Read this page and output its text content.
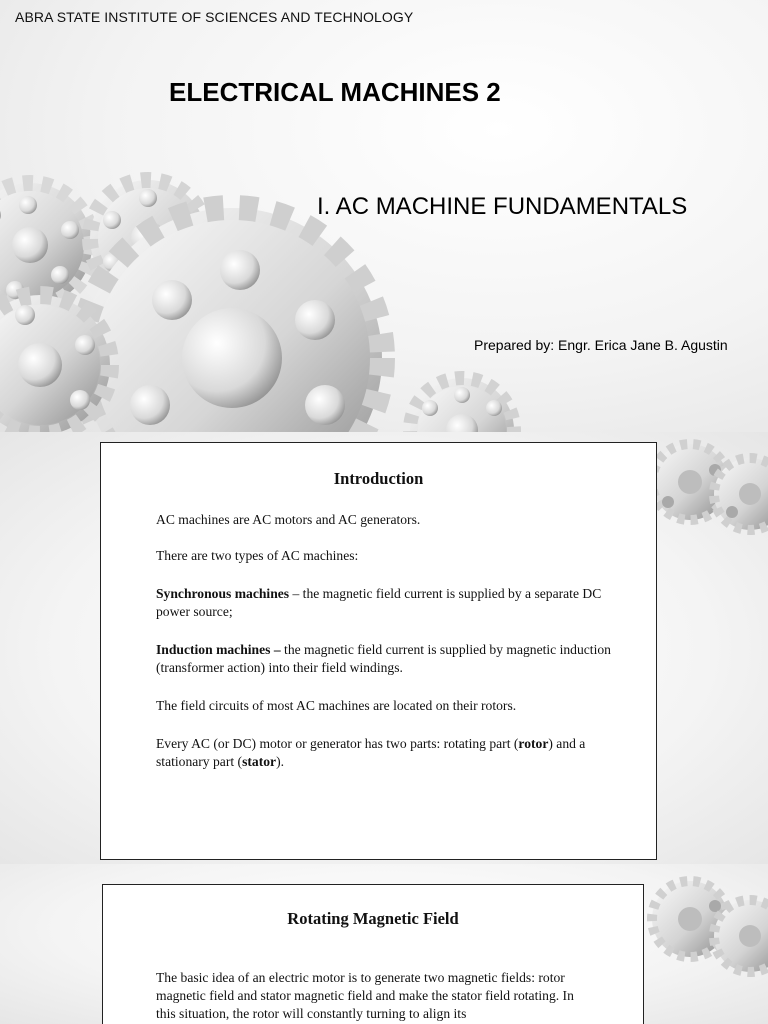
ABRA STATE INSTITUTE OF SCIENCES AND TECHNOLOGY
ELECTRICAL MACHINES 2
I. AC MACHINE FUNDAMENTALS
Prepared by: Engr. Erica Jane B. Agustin
Introduction

AC machines are AC motors and AC generators.

There are two types of AC machines:

Synchronous machines – the magnetic field current is supplied by a separate DC power source;

Induction machines – the magnetic field current is supplied by magnetic induction (transformer action) into their field windings.

The field circuits of most AC machines are located on their rotors.

Every AC (or DC) motor or generator has two parts: rotating part (rotor) and a stationary part (stator).

Rotating Magnetic Field

The basic idea of an electric motor is to generate two magnetic fields: rotor magnetic field and stator magnetic field and make the stator field rotating. In this situation, the rotor will constantly turning to align its
